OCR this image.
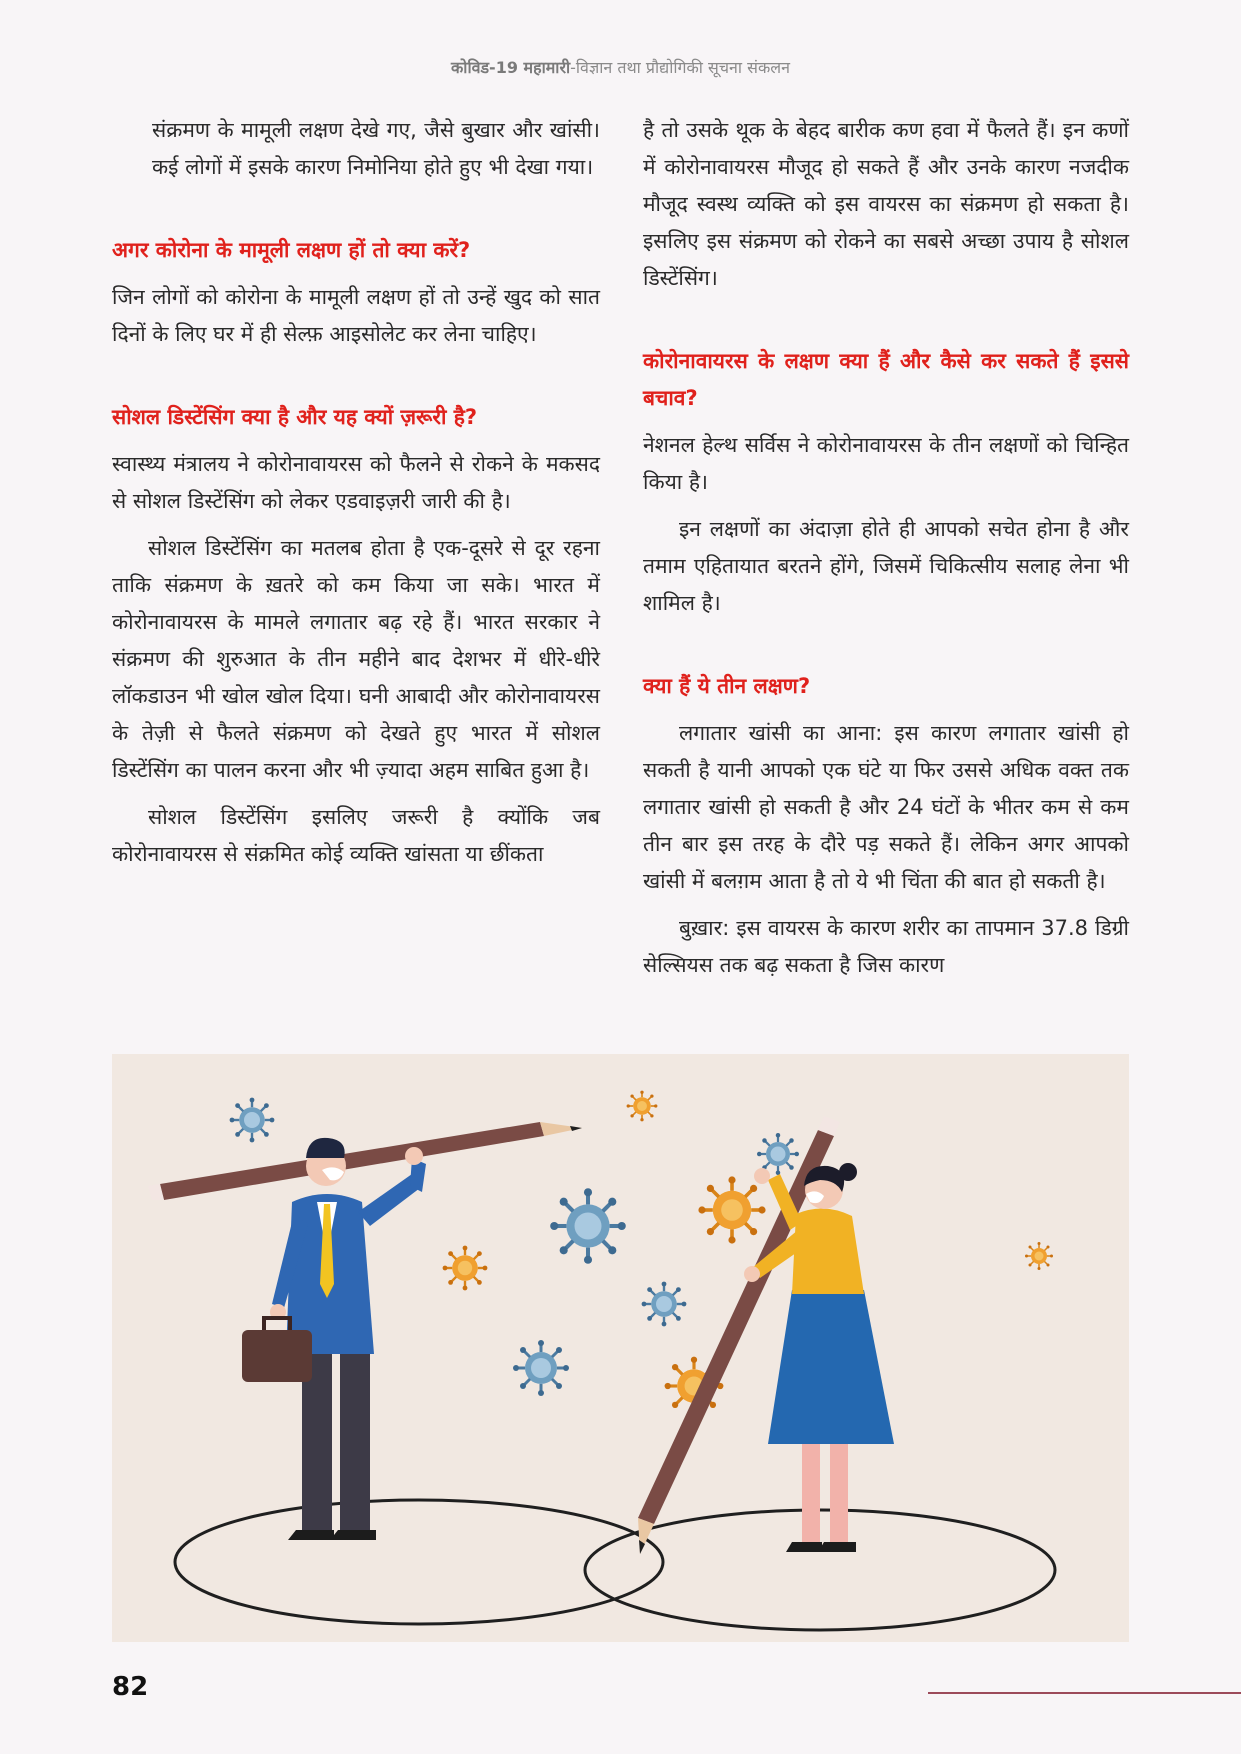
कोविड-19 महामारी-विज्ञान तथा प्रौद्योगिकी सूचना संकलन

संक्रमण के मामूली लक्षण देखे गए, जैसे बुखार और खांसी। कई लोगों में इसके कारण निमोनिया होते हुए भी देखा गया।

अगर कोरोना के मामूली लक्षण हों तो क्या करें?

जिन लोगों को कोरोना के मामूली लक्षण हों तो उन्हें खुद को सात दिनों के लिए घर में ही सेल्फ़ आइसोलेट कर लेना चाहिए।

सोशल डिस्टेंसिंग क्या है और यह क्यों ज़रूरी है?

स्वास्थ्य मंत्रालय ने कोरोनावायरस को फैलने से रोकने के मकसद से सोशल डिस्टेंसिंग को लेकर एडवाइज़री जारी की है।

सोशल डिस्टेंसिंग का मतलब होता है एक-दूसरे से दूर रहना ताकि संक्रमण के ख़तरे को कम किया जा सके। भारत में कोरोनावायरस के मामले लगातार बढ़ रहे हैं। भारत सरकार ने संक्रमण की शुरुआत के तीन महीने बाद देशभर में धीरे-धीरे लॉकडाउन भी खोल खोल दिया। घनी आबादी और कोरोनावायरस के तेज़ी से फैलते संक्रमण को देखते हुए भारत में सोशल डिस्टेंसिंग का पालन करना और भी ज़्यादा अहम साबित हुआ है।

सोशल डिस्टेंसिंग इसलिए जरूरी है क्योंकि जब कोरोनावायरस से संक्रमित कोई व्यक्ति खांसता या छींकता

है तो उसके थूक के बेहद बारीक कण हवा में फैलते हैं। इन कणों में कोरोनावायरस मौजूद हो सकते हैं और उनके कारण नजदीक मौजूद स्वस्थ व्यक्ति को इस वायरस का संक्रमण हो सकता है। इसलिए इस संक्रमण को रोकने का सबसे अच्छा उपाय है सोशल डिस्टेंसिंग।

कोरोनावायरस के लक्षण क्या हैं और कैसे कर सकते हैं इससे बचाव?

नेशनल हेल्थ सर्विस ने कोरोनावायरस के तीन लक्षणों को चिन्हित किया है।

इन लक्षणों का अंदाज़ा होते ही आपको सचेत होना है और तमाम एहितायात बरतने होंगे, जिसमें चिकित्सीय सलाह लेना भी शामिल है।

क्या हैं ये तीन लक्षण?

लगातार खांसी का आना: इस कारण लगातार खांसी हो सकती है यानी आपको एक घंटे या फिर उससे अधिक वक्त तक लगातार खांसी हो सकती है और 24 घंटों के भीतर कम से कम तीन बार इस तरह के दौरे पड़ सकते हैं। लेकिन अगर आपको खांसी में बलग़म आता है तो ये भी चिंता की बात हो सकती है।

बुख़ार: इस वायरस के कारण शरीर का तापमान 37.8 डिग्री सेल्सियस तक बढ़ सकता है जिस कारण

82
